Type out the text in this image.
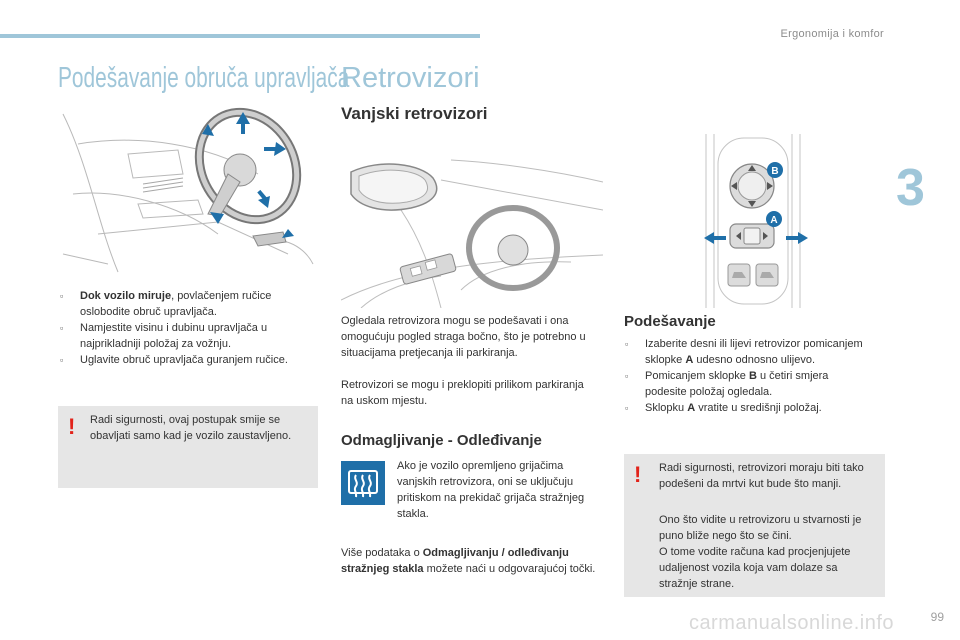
Ergonomija i komfor
3
Podešavanje obruča upravljača
▫ Dok vozilo miruje, povlačenjem ručice oslobodite obruč upravljača.
▫ Namjestite visinu i dubinu upravljača u najprikladniji položaj za vožnju.
▫ Uglavite obruč upravljača guranjem ručice.
! Radi sigurnosti, ovaj postupak smije se obavljati samo kad je vozilo zaustavljeno.
Retrovizori
Vanjski retrovizori
Ogledala retrovizora mogu se podešavati i ona omogućuju pogled straga bočno, što je potrebno u situacijama pretjecanja ili parkiranja.
Retrovizori se mogu i preklopiti prilikom parkiranja na uskom mjestu.
Odmagljivanje - Odleđivanje
Ako je vozilo opremljeno grijačima vanjskih retrovizora, oni se uključuju pritiskom na prekidač grijača stražnjeg stakla.
Više podataka o Odmagljivanju / odleđivanju stražnjeg stakla možete naći u odgovarajućoj točki.
B
A
Podešavanje
▫ Izaberite desni ili lijevi retrovizor pomicanjem sklopke A udesno odnosno ulijevo.
▫ Pomicanjem sklopke B u četiri smjera podesite položaj ogledala.
▫ Sklopku A vratite u središnji položaj.
! Radi sigurnosti, retrovizori moraju biti tako podešeni da mrtvi kut bude što manji.
Ono što vidite u retrovizoru u stvarnosti je puno bliže nego što se čini.
O tome vodite računa kad procjenjujete udaljenost vozila koja vam dolaze sa stražnje strane.
carmanualsonline.info	99
